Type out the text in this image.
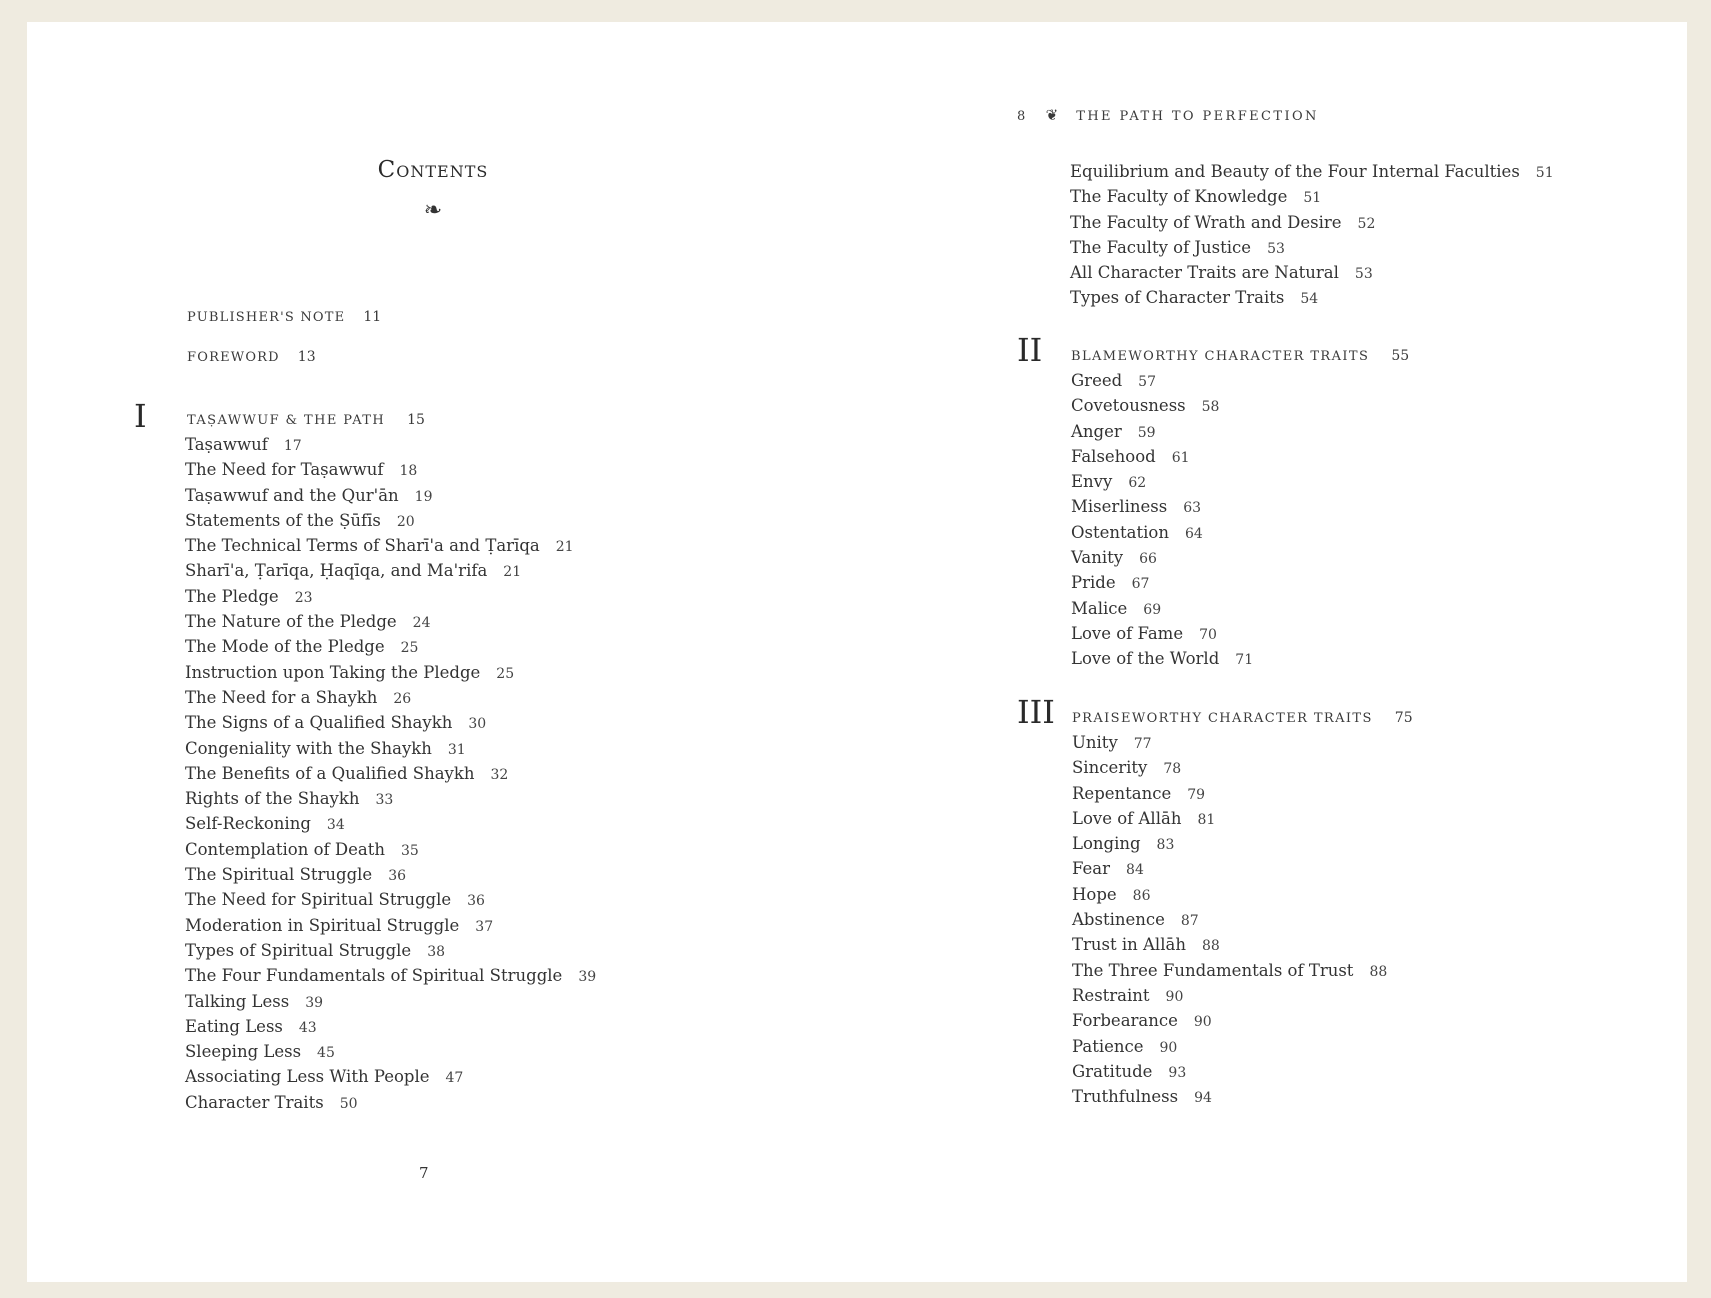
Contents
❧
PUBLISHER'S NOTE 11
FOREWORD 13
I	TAṢAWWUF & THE PATH 15
Taṣawwuf 17
The Need for Taṣawwuf 18
Taṣawwuf and the Qur'ān 19
Statements of the Ṣūfīs 20
The Technical Terms of Sharī'a and Ṭarīqa 21
Sharī'a, Ṭarīqa, Ḥaqīqa, and Ma'rifa 21
The Pledge 23
The Nature of the Pledge 24
The Mode of the Pledge 25
Instruction upon Taking the Pledge 25
The Need for a Shaykh 26
The Signs of a Qualified Shaykh 30
Congeniality with the Shaykh 31
The Benefits of a Qualified Shaykh 32
Rights of the Shaykh 33
Self-Reckoning 34
Contemplation of Death 35
The Spiritual Struggle 36
The Need for Spiritual Struggle 36
Moderation in Spiritual Struggle 37
Types of Spiritual Struggle 38
The Four Fundamentals of Spiritual Struggle 39
Talking Less 39
Eating Less 43
Sleeping Less 45
Associating Less With People 47
Character Traits 50
7
8 ❦ THE PATH TO PERFECTION
Equilibrium and Beauty of the Four Internal Faculties 51
The Faculty of Knowledge 51
The Faculty of Wrath and Desire 52
The Faculty of Justice 53
All Character Traits are Natural 53
Types of Character Traits 54
II BLAMEWORTHY CHARACTER TRAITS 55
Greed 57
Covetousness 58
Anger 59
Falsehood 61
Envy 62
Miserliness 63
Ostentation 64
Vanity 66
Pride 67
Malice 69
Love of Fame 70
Love of the World 71
III PRAISEWORTHY CHARACTER TRAITS 75
Unity 77
Sincerity 78
Repentance 79
Love of Allāh 81
Longing 83
Fear 84
Hope 86
Abstinence 87
Trust in Allāh 88
The Three Fundamentals of Trust 88
Restraint 90
Forbearance 90
Patience 90
Gratitude 93
Truthfulness 94
